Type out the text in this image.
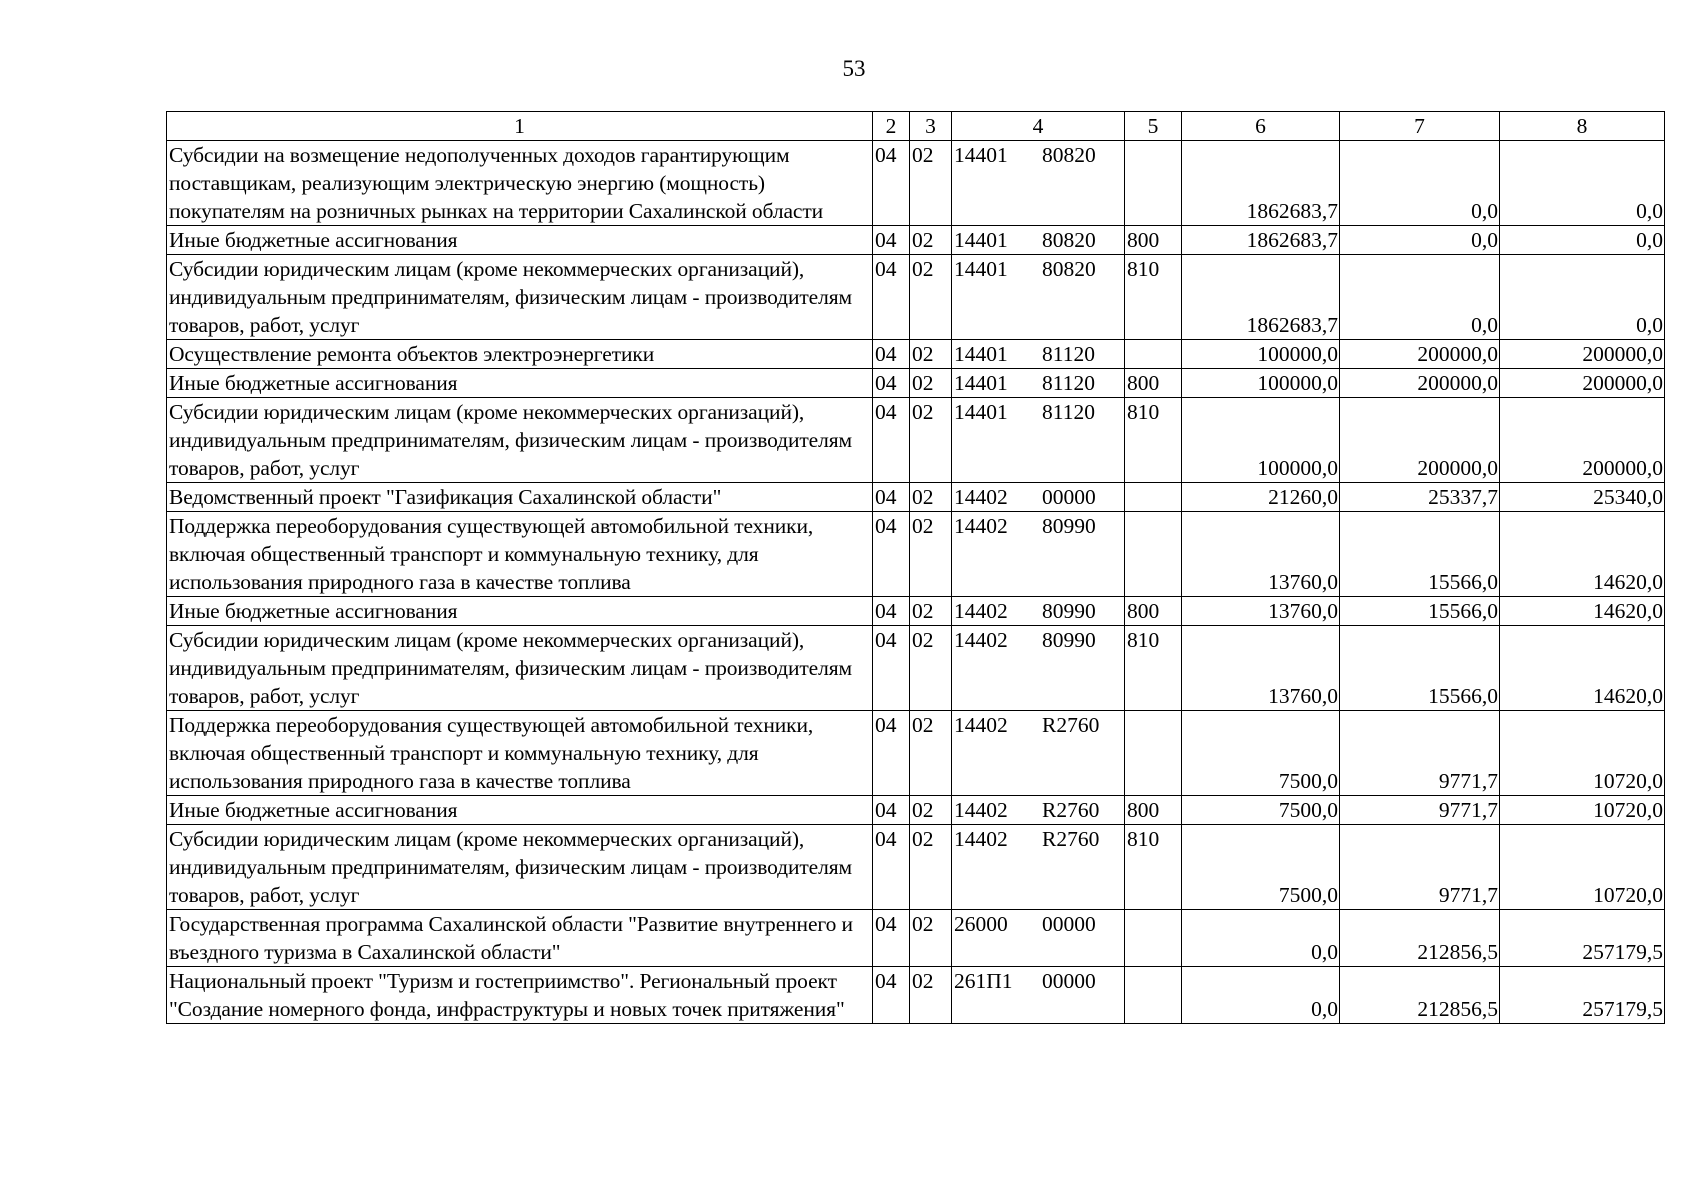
53
1	2	3	4	5	6	7	8
Субсидии на возмещение недополученных доходов гарантирующим поставщикам, реализующим электрическую энергию (мощность) покупателям на розничных рынках на территории Сахалинской области	04	02	14401 80820		1862683,7	0,0	0,0
Иные бюджетные ассигнования	04	02	14401 80820	800	1862683,7	0,0	0,0
Субсидии юридическим лицам (кроме некоммерческих организаций), индивидуальным предпринимателям, физическим лицам - производителям товаров, работ, услуг	04	02	14401 80820	810	1862683,7	0,0	0,0
Осуществление ремонта объектов электроэнергетики	04	02	14401 81120		100000,0	200000,0	200000,0
Иные бюджетные ассигнования	04	02	14401 81120	800	100000,0	200000,0	200000,0
Субсидии юридическим лицам (кроме некоммерческих организаций), индивидуальным предпринимателям, физическим лицам - производителям товаров, работ, услуг	04	02	14401 81120	810	100000,0	200000,0	200000,0
Ведомственный проект "Газификация Сахалинской области"	04	02	14402 00000		21260,0	25337,7	25340,0
Поддержка переоборудования существующей автомобильной техники, включая общественный транспорт и коммунальную технику, для использования природного газа в качестве топлива	04	02	14402 80990		13760,0	15566,0	14620,0
Иные бюджетные ассигнования	04	02	14402 80990	800	13760,0	15566,0	14620,0
Субсидии юридическим лицам (кроме некоммерческих организаций), индивидуальным предпринимателям, физическим лицам - производителям товаров, работ, услуг	04	02	14402 80990	810	13760,0	15566,0	14620,0
Поддержка переоборудования существующей автомобильной техники, включая общественный транспорт и коммунальную технику, для использования природного газа в качестве топлива	04	02	14402 R2760		7500,0	9771,7	10720,0
Иные бюджетные ассигнования	04	02	14402 R2760	800	7500,0	9771,7	10720,0
Субсидии юридическим лицам (кроме некоммерческих организаций), индивидуальным предпринимателям, физическим лицам - производителям товаров, работ, услуг	04	02	14402 R2760	810	7500,0	9771,7	10720,0
Государственная программа Сахалинской области "Развитие внутреннего и въездного туризма в Сахалинской области"	04	02	26000 00000		0,0	212856,5	257179,5
Национальный проект "Туризм и гостеприимство". Региональный проект "Создание номерного фонда, инфраструктуры и новых точек притяжения"	04	02	261П1 00000		0,0	212856,5	257179,5
